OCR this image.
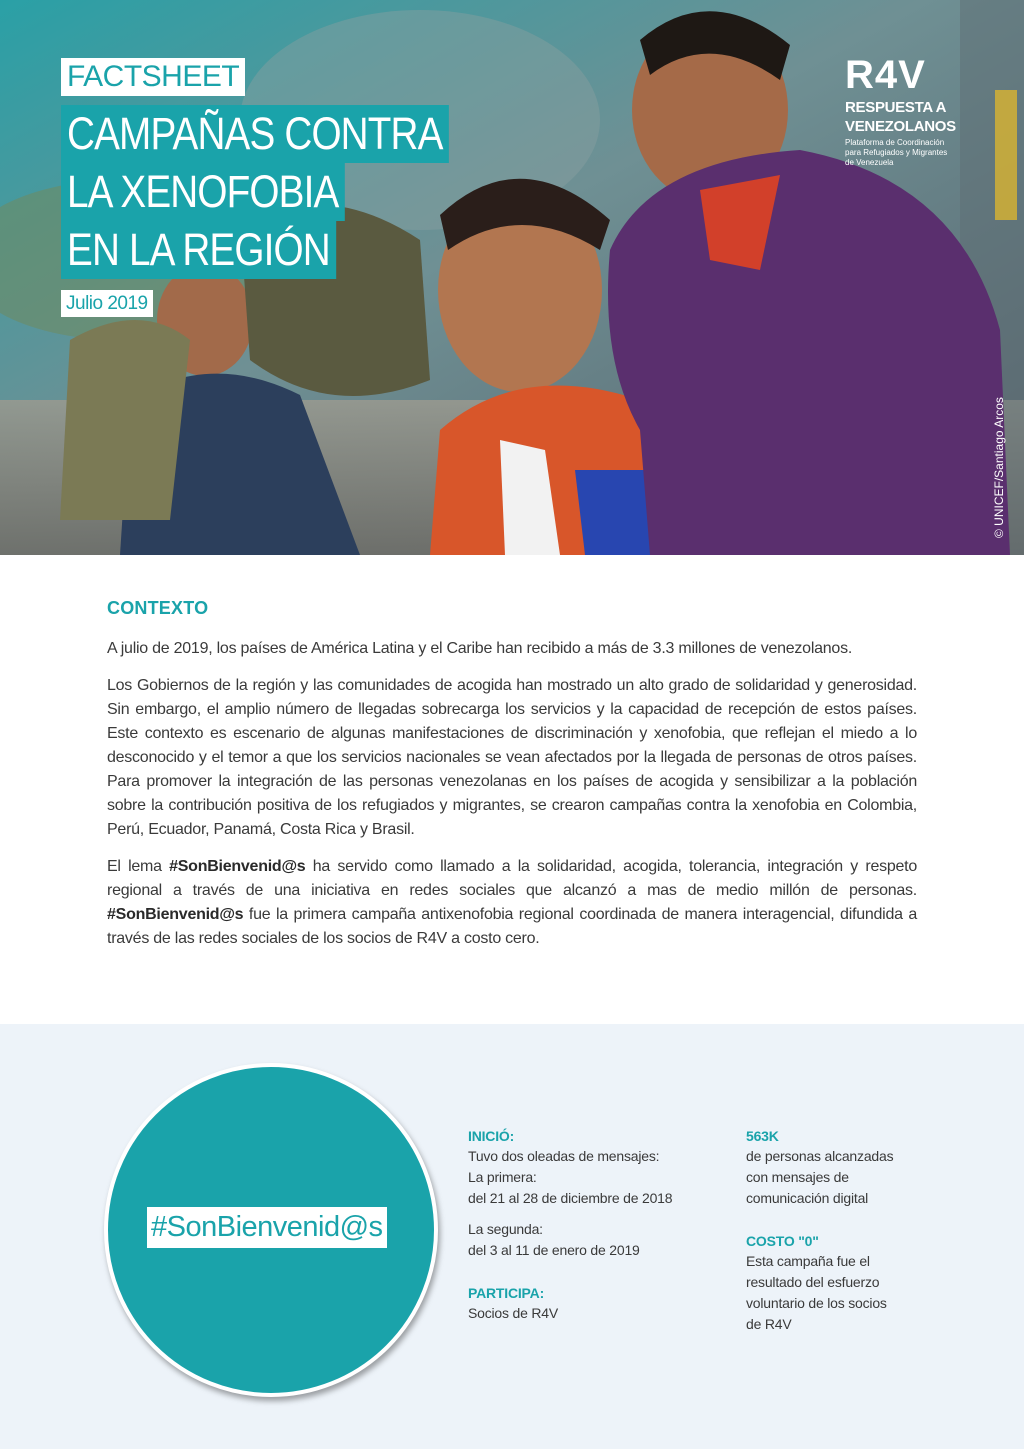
FACTSHEET
CAMPAÑAS CONTRA
LA XENOFOBIA
EN LA REGIÓN
Julio 2019
R4V
RESPUESTA A
VENEZOLANOS
Plataforma de Coordinación
para Refugiados y Migrantes
de Venezuela
© UNICEF/Santiago Arcos
CONTEXTO

A julio de 2019, los países de América Latina y el Caribe han recibido a más de 3.3 millones de venezolanos.

Los Gobiernos de la región y las comunidades de acogida han mostrado un alto grado de solidaridad y generosidad. Sin embargo, el amplio número de llegadas sobrecarga los servicios y la capacidad de recepción de estos países. Este contexto es escenario de algunas manifestaciones de discriminación y xenofobia, que reflejan el miedo a lo desconocido y el temor a que los servicios nacionales se vean afectados por la llegada de personas de otros países. Para promover la integración de las personas venezolanas en los países de acogida y sensibilizar a la población sobre la contribución positiva de los refugiados y migrantes, se crearon campañas contra la xenofobia en Colombia, Perú, Ecuador, Panamá, Costa Rica y Brasil.

El lema #SonBienvenid@s ha servido como llamado a la solidaridad, acogida, tolerancia, integración y respeto regional a través de una iniciativa en redes sociales que alcanzó a mas de medio millón de personas. #SonBienvenid@s fue la primera campaña antixenofobia regional coordinada de manera interagencial, difundida a través de las redes sociales de los socios de R4V a costo cero.

#SonBienvenid@s
INICIÓ:
Tuvo dos oleadas de mensajes:
La primera:
del 21 al 28 de diciembre de 2018
La segunda:
del 3 al 11 de enero de 2019
PARTICIPA:
Socios de R4V
563K
de personas alcanzadas
con mensajes de
comunicación digital
COSTO "0"
Esta campaña fue el
resultado del esfuerzo
voluntario de los socios
de R4V
